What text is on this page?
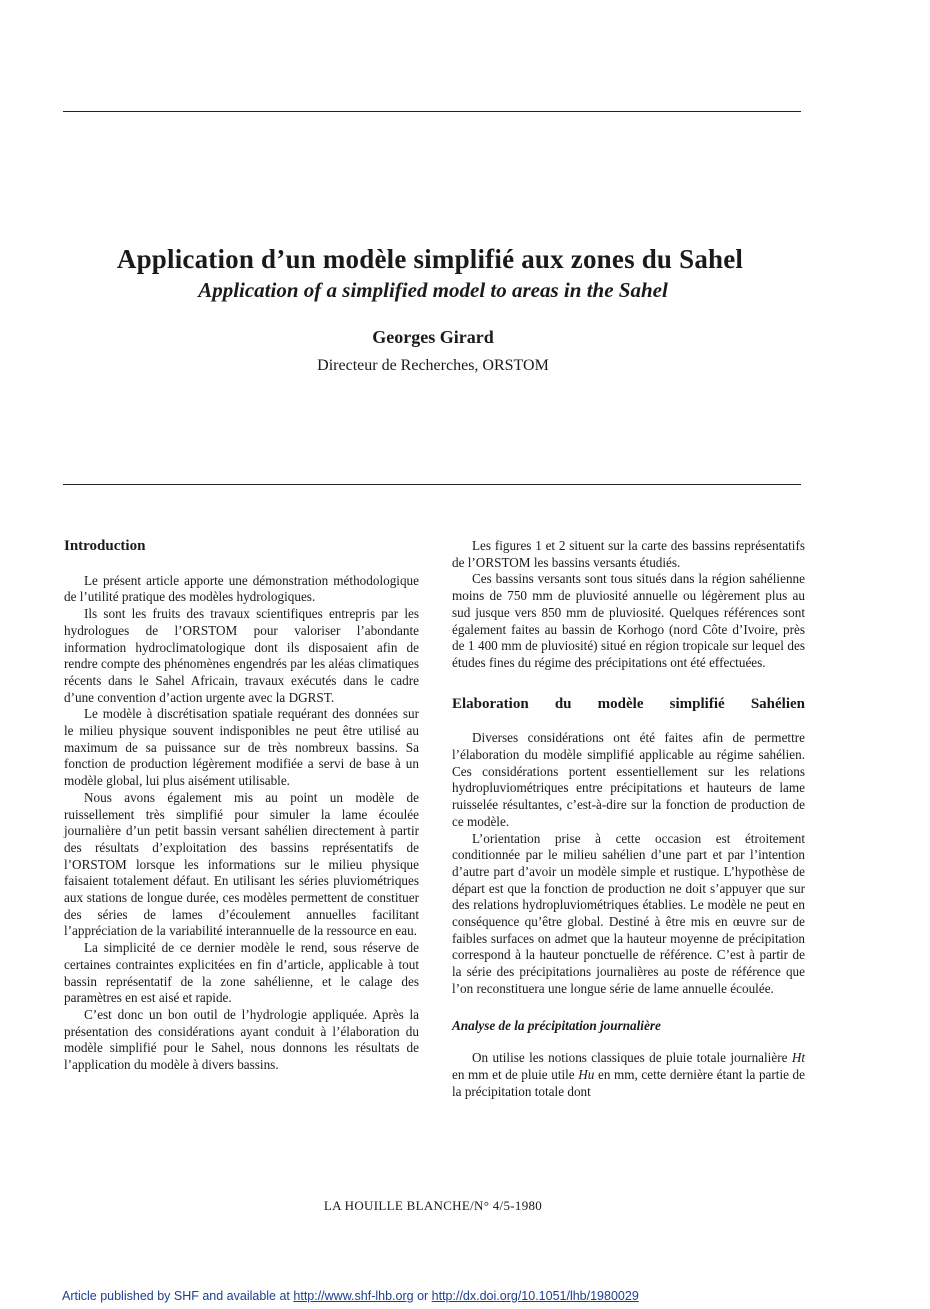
Application d’un modèle simplifié aux zones du Sahel
Application of a simplified model to areas in the Sahel
Georges Girard
Directeur de Recherches, ORSTOM
Introduction

Le présent article apporte une démonstration méthodologique de l’utilité pratique des modèles hydrologiques.

Ils sont les fruits des travaux scientifiques entrepris par les hydrologues de l’ORSTOM pour valoriser l’abondante information hydroclimatologique dont ils disposaient afin de rendre compte des phénomènes engendrés par les aléas climatiques récents dans le Sahel Africain, travaux exécutés dans le cadre d’une convention d’action urgente avec la DGRST.

Le modèle à discrétisation spatiale requérant des données sur le milieu physique souvent indisponibles ne peut être utilisé au maximum de sa puissance sur de très nombreux bassins. Sa fonction de production légèrement modifiée a servi de base à un modèle global, lui plus aisément utilisable.

Nous avons également mis au point un modèle de ruissellement très simplifié pour simuler la lame écoulée journalière d’un petit bassin versant sahélien directement à partir des résultats d’exploitation des bassins représentatifs de l’ORSTOM lorsque les informations sur le milieu physique faisaient totalement défaut. En utilisant les séries pluviométriques aux stations de longue durée, ces modèles permettent de constituer des séries de lames d’écoulement annuelles facilitant l’appréciation de la variabilité interannuelle de la ressource en eau.

La simplicité de ce dernier modèle le rend, sous réserve de certaines contraintes explicitées en fin d’article, applicable à tout bassin représentatif de la zone sahélienne, et le calage des paramètres en est aisé et rapide.

C’est donc un bon outil de l’hydrologie appliquée. Après la présentation des considérations ayant conduit à l’élaboration du modèle simplifié pour le Sahel, nous donnons les résultats de l’application du modèle à divers bassins.

Les figures 1 et 2 situent sur la carte des bassins représentatifs de l’ORSTOM les bassins versants étudiés.

Ces bassins versants sont tous situés dans la région sahélienne moins de 750 mm de pluviosité annuelle ou légèrement plus au sud jusque vers 850 mm de pluviosité. Quelques références sont également faites au bassin de Korhogo (nord Côte d’Ivoire, près de 1 400 mm de pluviosité) situé en région tropicale sur lequel des études fines du régime des précipitations ont été effectuées.

Elaboration du modèle simplifié Sahélien

Diverses considérations ont été faites afin de permettre l’élaboration du modèle simplifié applicable au régime sahélien. Ces considérations portent essentiellement sur les relations hydropluviométriques entre précipitations et hauteurs de lame ruisselée résultantes, c’est-à-dire sur la fonction de production de ce modèle.

L’orientation prise à cette occasion est étroitement conditionnée par le milieu sahélien d’une part et par l’intention d’autre part d’avoir un modèle simple et rustique. L’hypothèse de départ est que la fonction de production ne doit s’appuyer que sur des relations hydropluviométriques établies. Le modèle ne peut en conséquence qu’être global. Destiné à être mis en œuvre sur de faibles surfaces on admet que la hauteur moyenne de précipitation correspond à la hauteur ponctuelle de référence. C’est à partir de la série des précipitations journalières au poste de référence que l’on reconstituera une longue série de lame annuelle écoulée.

Analyse de la précipitation journalière

On utilise les notions classiques de pluie totale journalière Ht en mm et de pluie utile Hu en mm, cette dernière étant la partie de la précipitation totale dont

LA HOUILLE BLANCHE/N° 4/5-1980
Article published by SHF and available at http://www.shf-lhb.org or http://dx.doi.org/10.1051/lhb/1980029
